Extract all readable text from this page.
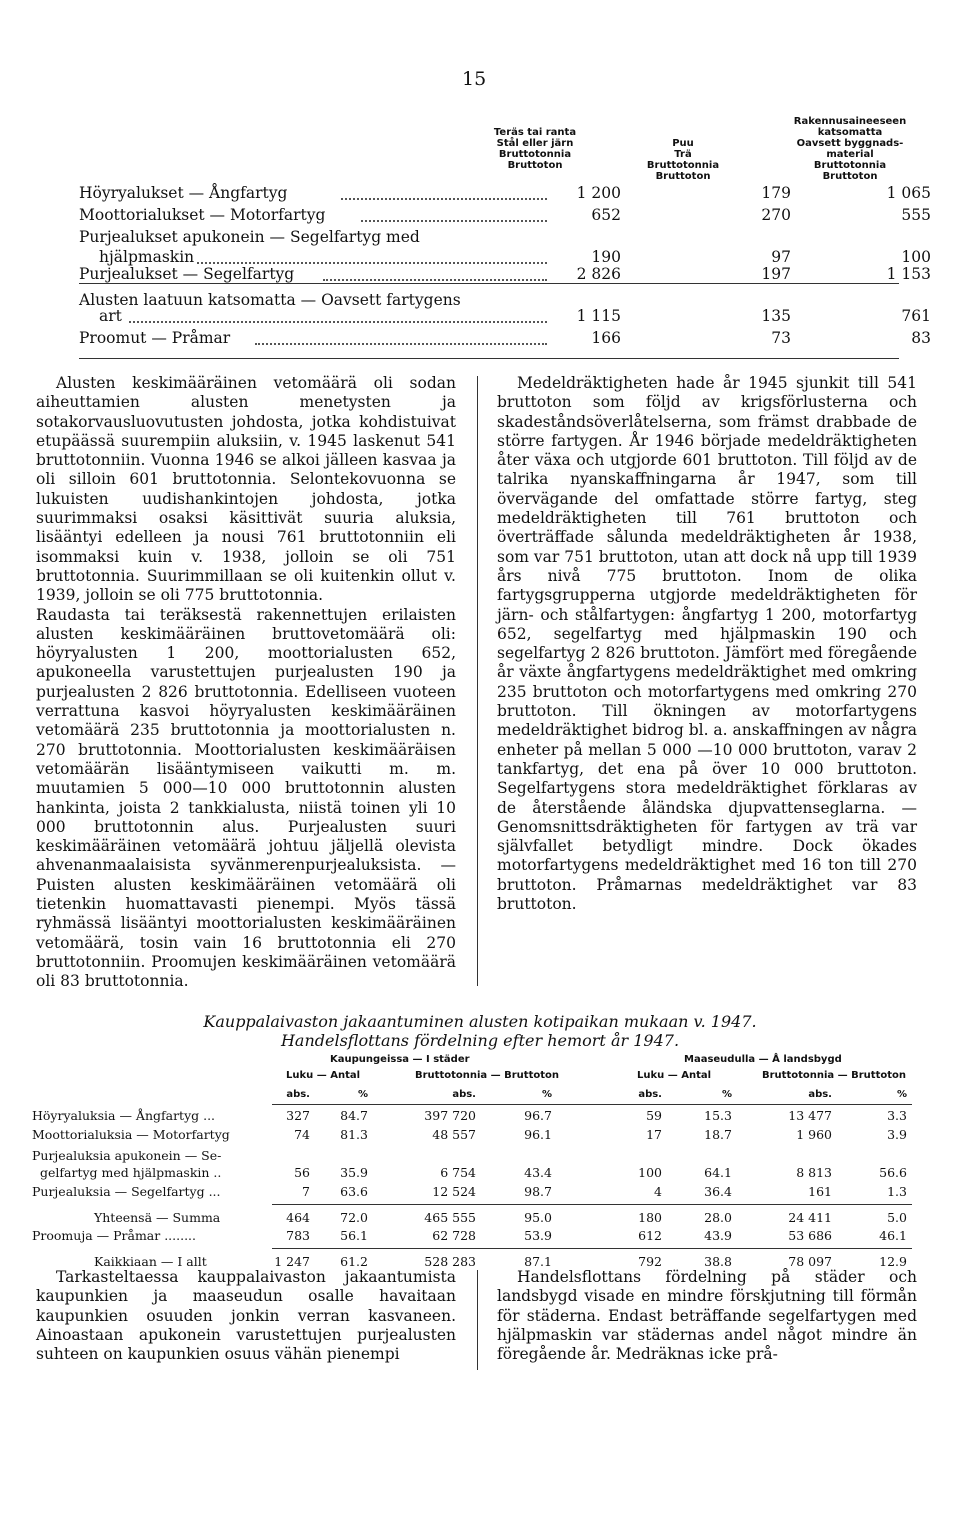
15
Teräs tai ranta
Stål eller järn
Bruttotonnia
Bruttoton
Puu
Trä
Bruttotonnia
Bruttoton
Rakennusaineeseen
katsomatta
Oavsett byggnads-
material
Bruttotonnia
Bruttoton
Höyryalukset — Ångfartyg	1 200	179	1 065
Moottorialukset — Motorfartyg	652	270	555
Purjealukset apukonein — Segelfartyg med
hjälpmaskin	190	97	100
Purjealukset — Segelfartyg	2 826	197	1 153
Alusten laatuun katsomatta — Oavsett fartygens
art	1 115	135	761
Proomut — Pråmar	166	73	83

Alusten keskimääräinen vetomäärä oli sodan aiheuttamien alusten menetysten ja sotakorvausluovutusten johdosta, jotka kohdistuivat etupäässä suurempiin aluksiin, v. 1945 laskenut 541 bruttotonniin. Vuonna 1946 se alkoi jälleen kasvaa ja oli silloin 601 bruttotonnia. Selontekovuonna se lukuisten uudishankintojen johdosta, jotka suurimmaksi osaksi käsittivät suuria aluksia, lisääntyi edelleen ja nousi 761 bruttotonniin eli isommaksi kuin v. 1938, jolloin se oli 751 bruttotonnia. Suurimmillaan se oli kuitenkin ollut v. 1939, jolloin se oli 775 bruttotonnia.

Raudasta tai teräksestä rakennettujen erilaisten alusten keskimääräinen bruttovetomäärä oli: höyryalusten 1 200, moottorialusten 652, apukoneella varustettujen purjealusten 190 ja purjealusten 2 826 bruttotonnia. Edelliseen vuoteen verrattuna kasvoi höyryalusten keskimääräinen vetomäärä 235 bruttotonnia ja moottorialusten n. 270 bruttotonnia. Moottorialusten keskimääräisen vetomäärän lisääntymiseen vaikutti m. m. muutamien 5 000—10 000 bruttotonnin alusten hankinta, joista 2 tankkialusta, niistä toinen yli 10 000 bruttotonnin alus. Purjealusten suuri keskimääräinen vetomäärä johtuu jäljellä olevista ahvenanmaalaisista syvänmerenpurjealuksista. — Puisten alusten keskimääräinen vetomäärä oli tietenkin huomattavasti pienempi. Myös tässä ryhmässä lisääntyi moottorialusten keskimääräinen vetomäärä, tosin vain 16 bruttotonnia eli 270 bruttotonniin. Proomujen keskimääräinen vetomäärä oli 83 bruttotonnia.

Medeldräktigheten hade år 1945 sjunkit till 541 bruttoton som följd av krigsförlusterna och skadeståndsöverlåtelserna, som främst drabbade de större fartygen. År 1946 började medeldräktigheten åter växa och utgjorde 601 bruttoton. Till följd av de talrika nyanskaffningarna år 1947, som till övervägande del omfattade större fartyg, steg medeldräktigheten till 761 bruttoton och överträffade sålunda medeldräktigheten år 1938, som var 751 bruttoton, utan att dock nå upp till 1939 års nivå 775 bruttoton. Inom de olika fartygsgrupperna utgjorde medeldräktigheten för järn- och stålfartygen: ångfartyg 1 200, motorfartyg 652, segelfartyg med hjälpmaskin 190 och segelfartyg 2 826 bruttoton. Jämfört med föregående år växte ångfartygens medeldräktighet med omkring 235 bruttoton och motorfartygens med omkring 270 bruttoton. Till ökningen av motorfartygens medeldräktighet bidrog bl. a. anskaffningen av några enheter på mellan 5 000 —10 000 bruttoton, varav 2 tankfartyg, det ena på över 10 000 bruttoton. Segelfartygens stora medeldräktighet förklaras av de återstående åländska djupvattenseglarna. — Genomsnittsdräktigheten för fartygen av trä var självfallet betydligt mindre. Dock ökades motorfartygens medeldräktighet med 16 ton till 270 bruttoton. Pråmarnas medeldräktighet var 83 bruttoton.

Kauppalaivaston jakaantuminen alusten kotipaikan mukaan v. 1947.
Handelsflottans fördelning efter hemort år 1947.
Kaupungeissa — I städer	Maaseudulla — Å landsbygd
Luku — Antal	Bruttotonnia — Bruttoton	Luku — Antal	Bruttotonnia — Bruttoton
abs.	%	abs.	%	abs.	%	abs.	%
Höyryaluksia — Ångfartyg ...	327	84.7	397 720	96.7	59	15.3	13 477	3.3
Moottorialuksia — Motorfartyg	74	81.3	48 557	96.1	17	18.7	1 960	3.9
Purjealuksia apukonein — Se-
gelfartyg med hjälpmaskin ..	56	35.9	6 754	43.4	100	64.1	8 813	56.6
Purjealuksia — Segelfartyg ...	7	63.6	12 524	98.7	4	36.4	161	1.3
Yhteensä — Summa	464	72.0	465 555	95.0	180	28.0	24 411	5.0
Proomuja — Pråmar ........	783	56.1	62 728	53.9	612	43.9	53 686	46.1
Kaikkiaan — I allt	1 247	61.2	528 283	87.1	792	38.8	78 097	12.9

Tarkasteltaessa kauppalaivaston jakaantumista kaupunkien ja maaseudun osalle havaitaan kaupunkien osuuden jonkin verran kasvaneen. Ainoastaan apukonein varustettujen purjealusten suhteen on kaupunkien osuus vähän pienempi

Handelsflottans fördelning på städer och landsbygd visade en mindre förskjutning till förmån för städerna. Endast beträffande segelfartygen med hjälpmaskin var städernas andel något mindre än föregående år. Medräknas icke prå-
